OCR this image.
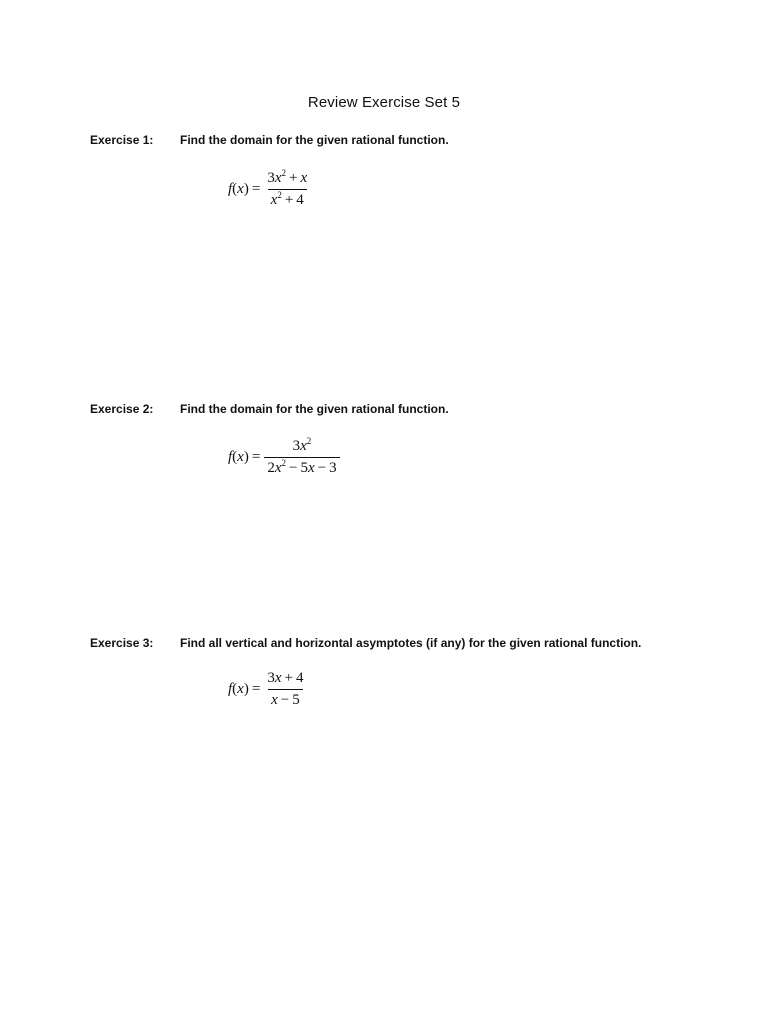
Review Exercise Set 5
Exercise 1: Find the domain for the given rational function.
$f(x) = \frac{3x^2 + x}{x^2 + 4}$
Exercise 2: Find the domain for the given rational function.
$f(x) = \frac{3x^2}{2x^2 - 5x - 3}$
Exercise 3: Find all vertical and horizontal asymptotes (if any) for the given rational function.
$f(x) = \frac{3x + 4}{x - 5}$
